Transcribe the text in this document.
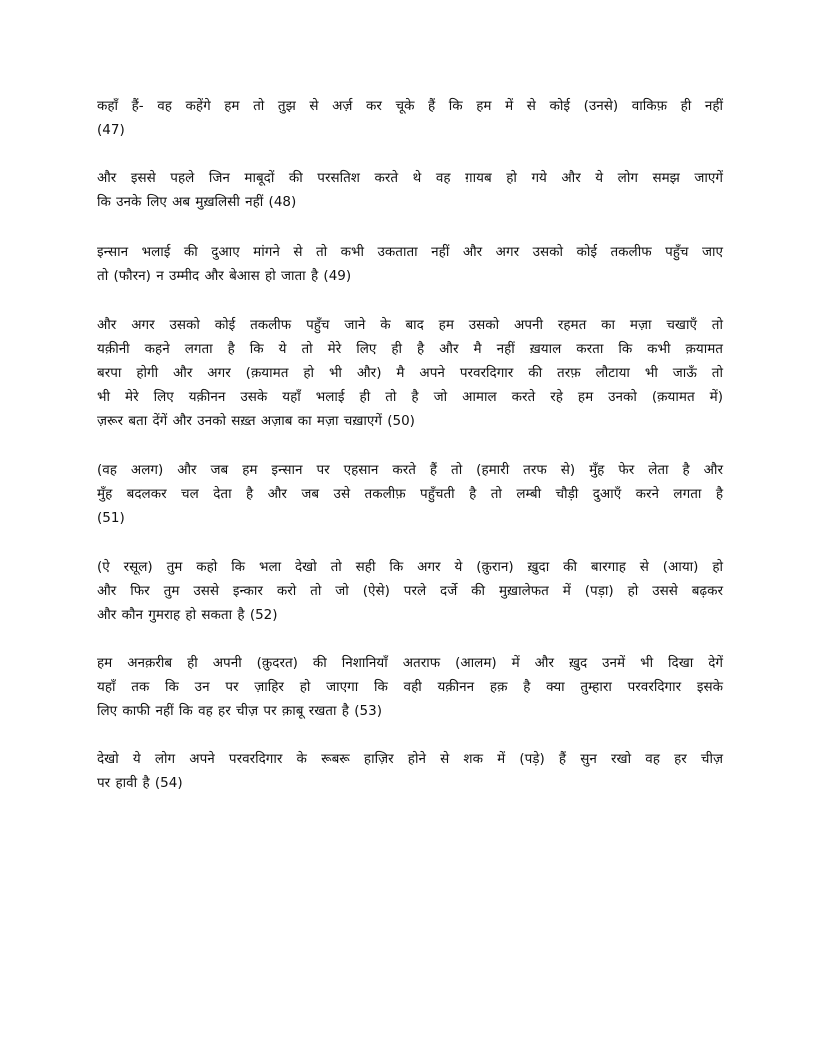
कहाँ हैं- वह कहेंगे हम तो तुझ से अर्ज़ कर चूके हैं कि हम में से कोई (उनसे) वाकिफ़ ही नहीं
(47)

और इससे पहले जिन माबूदों की परसतिश करते थे वह ग़ायब हो गये और ये लोग समझ जाएगें
कि उनके लिए अब मुख़लिसी नहीं (48)

इन्सान भलाई की दुआए मांगने से तो कभी उकताता नहीं और अगर उसको कोई तकलीफ पहुँच जाए
तो (फौरन) न उम्मीद और बेआस हो जाता है (49)

और अगर उसको कोई तकलीफ पहुँच जाने के बाद हम उसको अपनी रहमत का मज़ा चखाएँ तो
यक़ीनी कहने लगता है कि ये तो मेरे लिए ही है और मै नहीं ख़याल करता कि कभी क़यामत
बरपा होगी और अगर (क़यामत हो भी और) मै अपने परवरदिगार की तरफ़ लौटाया भी जाऊँ तो
भी मेरे लिए यक़ीनन उसके यहाँ भलाई ही तो है जो आमाल करते रहे हम उनको (क़यामत में)
ज़रूर बता देंगें और उनको सख़्त अज़ाब का मज़ा चख़ाएगें (50)

(वह अलग) और जब हम इन्सान पर एहसान करते हैं तो (हमारी तरफ से) मुँह फेर लेता है और
मुँह बदलकर चल देता है और जब उसे तकलीफ़ पहुँचती है तो लम्बी चौड़ी दुआएँ करने लगता है
(51)

(ऐ रसूल) तुम कहो कि भला देखो तो सही कि अगर ये (क़ुरान) ख़ुदा की बारगाह से (आया) हो
और फिर तुम उससे इन्कार करो तो जो (ऐसे) परले दर्जे की मुख़ालेफत में (पड़ा) हो उससे बढ़कर
और कौन गुमराह हो सकता है (52)

हम अनक़रीब ही अपनी (क़ुदरत) की निशानियाँ अतराफ (आलम) में और ख़ुद उनमें भी दिखा देगें
यहाँ तक कि उन पर ज़ाहिर हो जाएगा कि वही यक़ीनन हक़ है क्या तुम्हारा परवरदिगार इसके
लिए काफी नहीं कि वह हर चीज़ पर क़ाबू रखता है (53)

देखो ये लोग अपने परवरदिगार के रूबरू हाज़िर होने से शक में (पड़े) हैं सुन रखो वह हर चीज़
पर हावी है (54)
